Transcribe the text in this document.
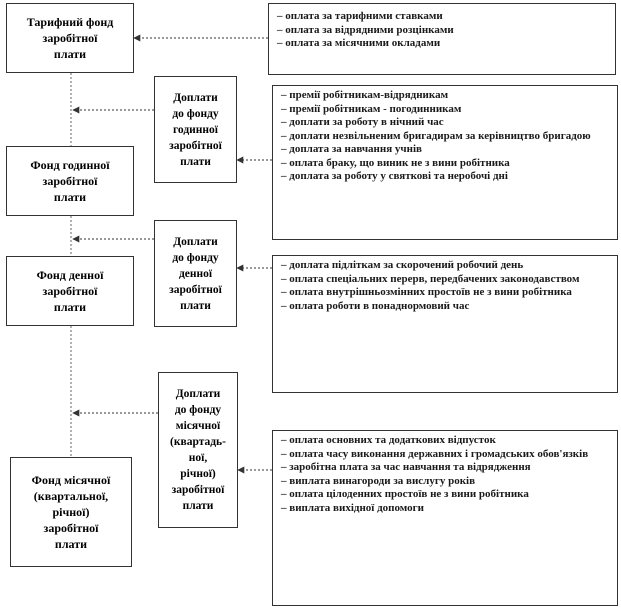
Тарифний фонд
заробітної
плати
Фонд годинної
заробітної
плати
Фонд денної
заробітної
плати
Фонд місячної
(квартальної,
річної)
заробітної
плати
Доплати
до фонду
годинної
заробітної
плати
Доплати
до фонду
денної
заробітної
плати
Доплати
до фонду
місячної
(квартадь-
ної,
річної)
заробітної
плати
– оплата за тарифними ставками
– оплата за відрядними розцінками
– оплата за місячними окладами
– премії робітникам-відрядникам
– премії робітникам - погодинникам
– доплати за роботу в нічний час
– доплати незвільненим бригадирам за керівництво бригадою
– доплата за навчання учнів
– оплата браку, що виник не з вини робітника
– доплата за роботу у святкові та неробочі дні
– доплата підліткам за скорочений робочий день
– оплата спеціальних перерв, передбачених законодавством
– оплата внутрішньозмінних простоїв не з вини робітника
– оплата роботи в понаднормовий час
– оплата основних та додаткових відпусток
– оплата часу виконання державних і громадських обов'язків
– заробітна плата за час навчання та відрядження
– виплата винагороди за вислугу років
– оплата цілоденних простоїв не з вини робітника
– виплата вихідної допомоги
